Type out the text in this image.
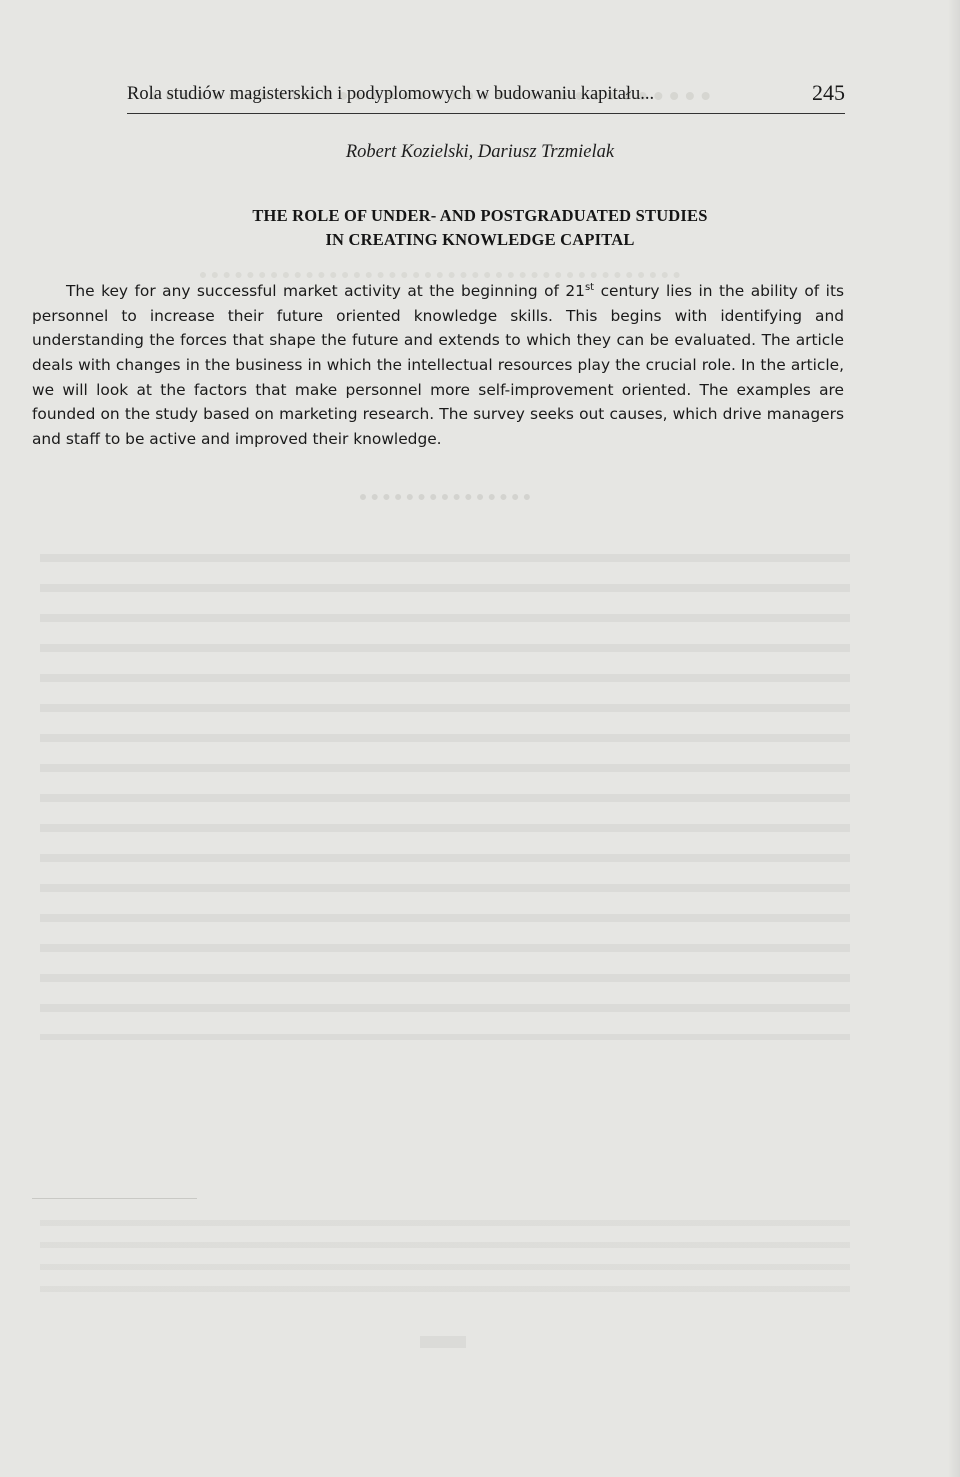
Rola studiów magisterskich i podyplomowych w budowaniu kapitału...	245
Robert Kozielski, Dariusz Trzmielak
THE ROLE OF UNDER- AND POSTGRADUATED STUDIES
IN CREATING KNOWLEDGE CAPITAL

The key for any successful market activity at the beginning of 21st century lies in the ability of its personnel to increase their future oriented knowledge skills. This begins with identifying and understanding the forces that shape the future and extends to which they can be evaluated. The article deals with changes in the business in which the intellectual resources play the crucial role. In the article, we will look at the factors that make personnel more self-improvement oriented. The examples are founded on the study based on marketing research. The survey seeks out causes, which drive managers and staff to be active and improved their knowledge.
